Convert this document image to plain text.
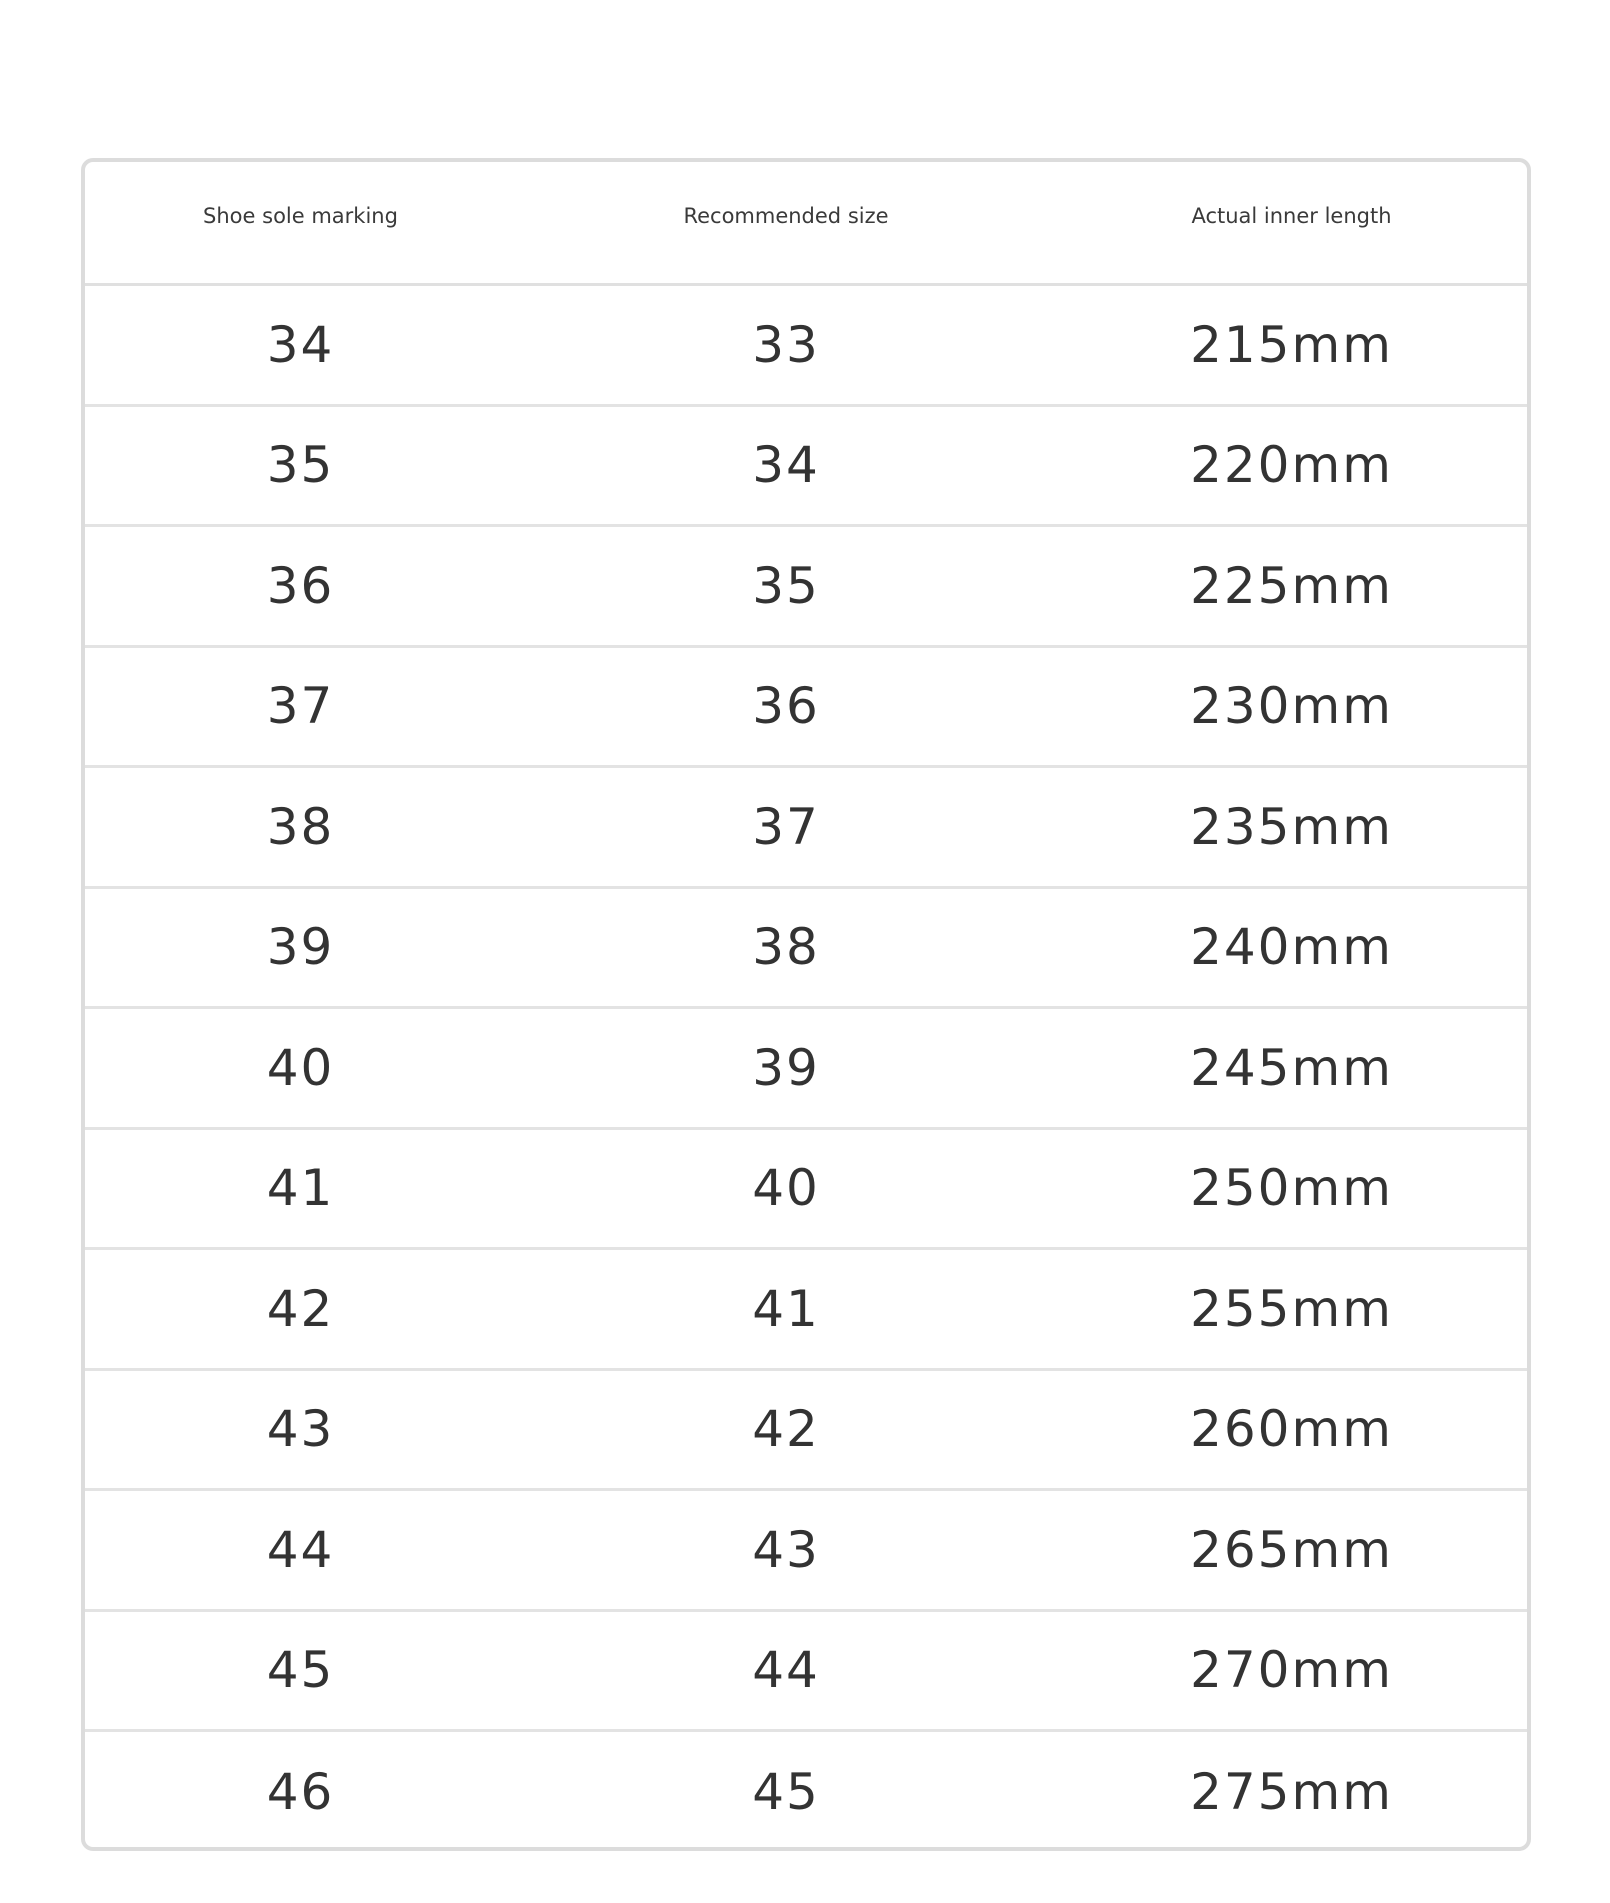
Shoe sole marking	Recommended size	Actual inner length
34	33	215mm
35	34	220mm
36	35	225mm
37	36	230mm
38	37	235mm
39	38	240mm
40	39	245mm
41	40	250mm
42	41	255mm
43	42	260mm
44	43	265mm
45	44	270mm
46	45	275mm
